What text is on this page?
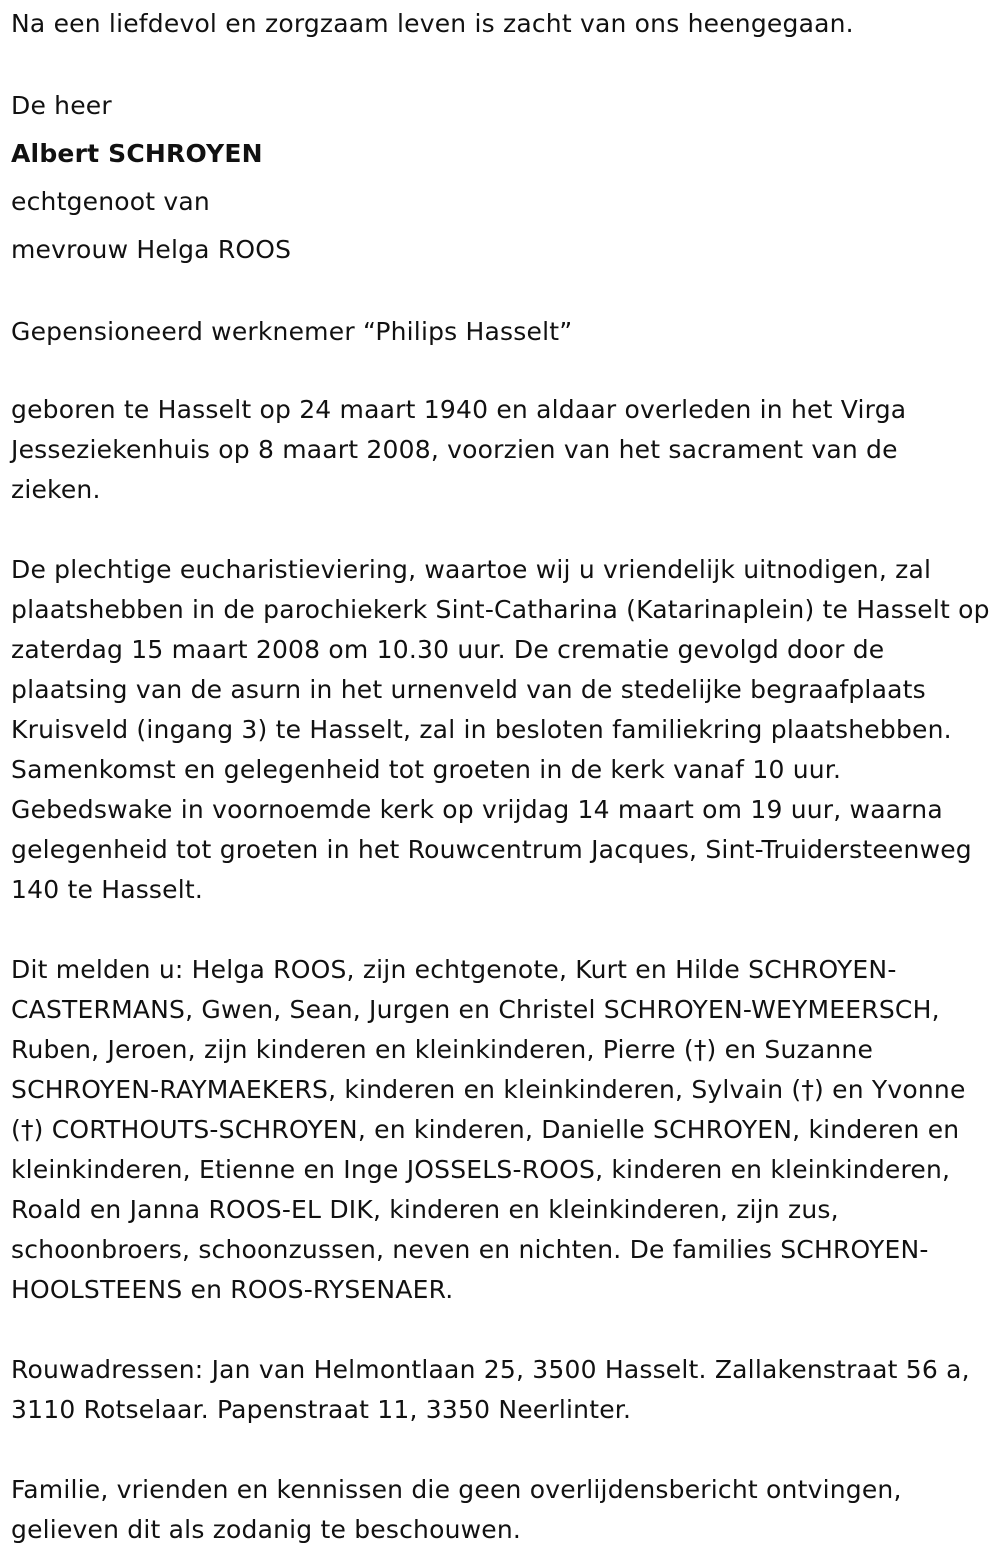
Na een liefdevol en zorgzaam leven is zacht van ons heengegaan.

De heer

Albert SCHROYEN

echtgenoot van

mevrouw Helga ROOS

Gepensioneerd werknemer “Philips Hasselt”

geboren te Hasselt op 24 maart 1940 en aldaar overleden in het Virga Jesseziekenhuis op 8 maart 2008, voorzien van het sacrament van de zieken.

De plechtige eucharistieviering, waartoe wij u vriendelijk uitnodigen, zal plaatshebben in de parochiekerk Sint-Catharina (Katarinaplein) te Hasselt op zaterdag 15 maart 2008 om 10.30 uur. De crematie gevolgd door de plaatsing van de asurn in het urnenveld van de stedelijke begraafplaats Kruisveld (ingang 3) te Hasselt, zal in besloten familiekring plaatshebben. Samenkomst en gelegenheid tot groeten in de kerk vanaf 10 uur. Gebedswake in voornoemde kerk op vrijdag 14 maart om 19 uur, waarna gelegenheid tot groeten in het Rouwcentrum Jacques, Sint-Truidersteenweg 140 te Hasselt.

Dit melden u: Helga ROOS, zijn echtgenote, Kurt en Hilde SCHROYEN-CASTERMANS, Gwen, Sean, Jurgen en Christel SCHROYEN-WEYMEERSCH, Ruben, Jeroen, zijn kinderen en kleinkinderen, Pierre (†) en Suzanne SCHROYEN-RAYMAEKERS, kinderen en kleinkinderen, Sylvain (†) en Yvonne (†) CORTHOUTS-SCHROYEN, en kinderen, Danielle SCHROYEN, kinderen en kleinkinderen, Etienne en Inge JOSSELS-ROOS, kinderen en kleinkinderen, Roald en Janna ROOS-EL DIK, kinderen en kleinkinderen, zijn zus, schoonbroers, schoonzussen, neven en nichten. De families SCHROYEN-HOOLSTEENS en ROOS-RYSENAER.

Rouwadressen: Jan van Helmontlaan 25, 3500 Hasselt. Zallakenstraat 56 a, 3110 Rotselaar. Papenstraat 11, 3350 Neerlinter.

Familie, vrienden en kennissen die geen overlijdensbericht ontvingen, gelieven dit als zodanig te beschouwen.
